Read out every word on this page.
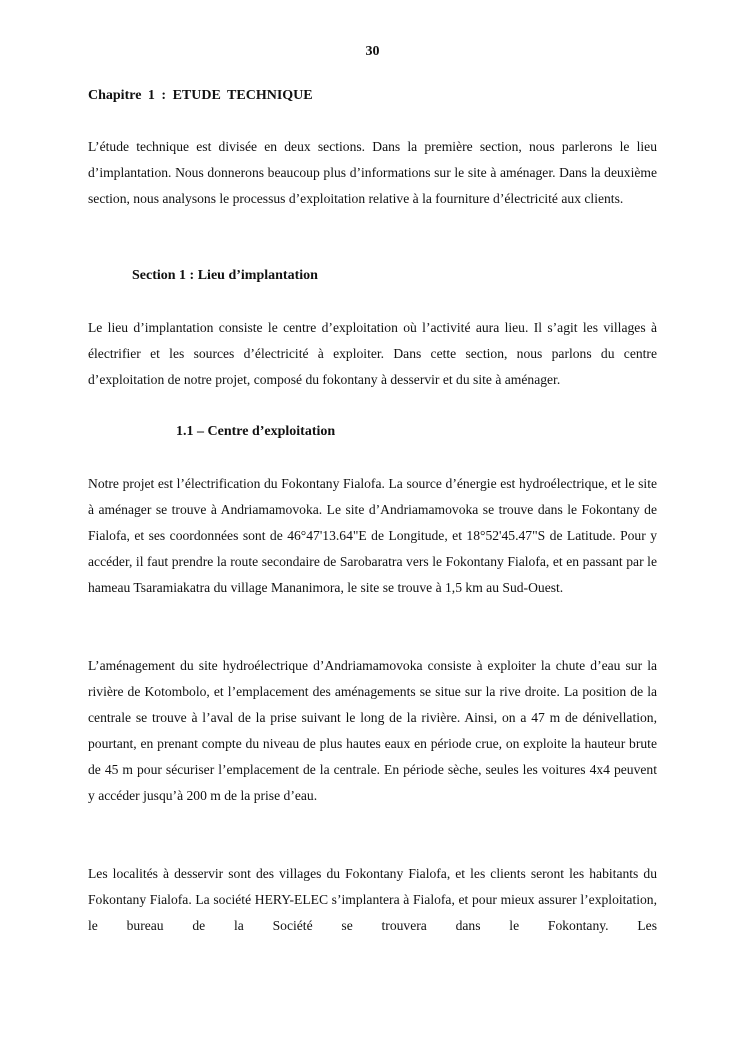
30
Chapitre 1 : ETUDE TECHNIQUE

L’étude technique est divisée en deux sections. Dans la première section, nous parlerons le lieu d’implantation. Nous donnerons beaucoup plus d’informations sur le site à aménager. Dans la deuxième section, nous analysons le processus d’exploitation relative à la fourniture d’électricité aux clients.

Section 1 : Lieu d’implantation

Le lieu d’implantation consiste le centre d’exploitation où l’activité aura lieu. Il s’agit les villages à électrifier et les sources d’électricité à exploiter. Dans cette section, nous parlons du centre d’exploitation de notre projet, composé du fokontany à desservir et du site à aménager.

1.1 – Centre d’exploitation

Notre projet est l’électrification du Fokontany Fialofa. La source d’énergie est hydroélectrique, et le site à aménager se trouve à Andriamamovoka. Le site d’Andriamamovoka se trouve dans le Fokontany de Fialofa, et ses coordonnées sont de 46°47'13.64"E de Longitude, et 18°52'45.47"S de Latitude. Pour y accéder, il faut prendre la route secondaire de Sarobaratra vers le Fokontany Fialofa, et en passant par le hameau Tsaramiakatra du village Mananimora, le site se trouve à 1,5 km au Sud-Ouest.

L’aménagement du site hydroélectrique d’Andriamamovoka consiste à exploiter la chute d’eau sur la rivière de Kotombolo, et l’emplacement des aménagements se situe sur la rive droite. La position de la centrale se trouve à l’aval de la prise suivant le long de la rivière. Ainsi, on a 47 m de dénivellation, pourtant, en prenant compte du niveau de plus hautes eaux en période crue, on exploite la hauteur brute de 45 m pour sécuriser l’emplacement de la centrale. En période sèche, seules les voitures 4x4 peuvent y accéder jusqu’à 200 m de la prise d’eau.

Les localités à desservir sont des villages du Fokontany Fialofa, et les clients seront les habitants du Fokontany Fialofa. La société HERY-ELEC s’implantera à Fialofa, et pour mieux assurer l’exploitation, le bureau de la Société se trouvera dans le Fokontany. Les
